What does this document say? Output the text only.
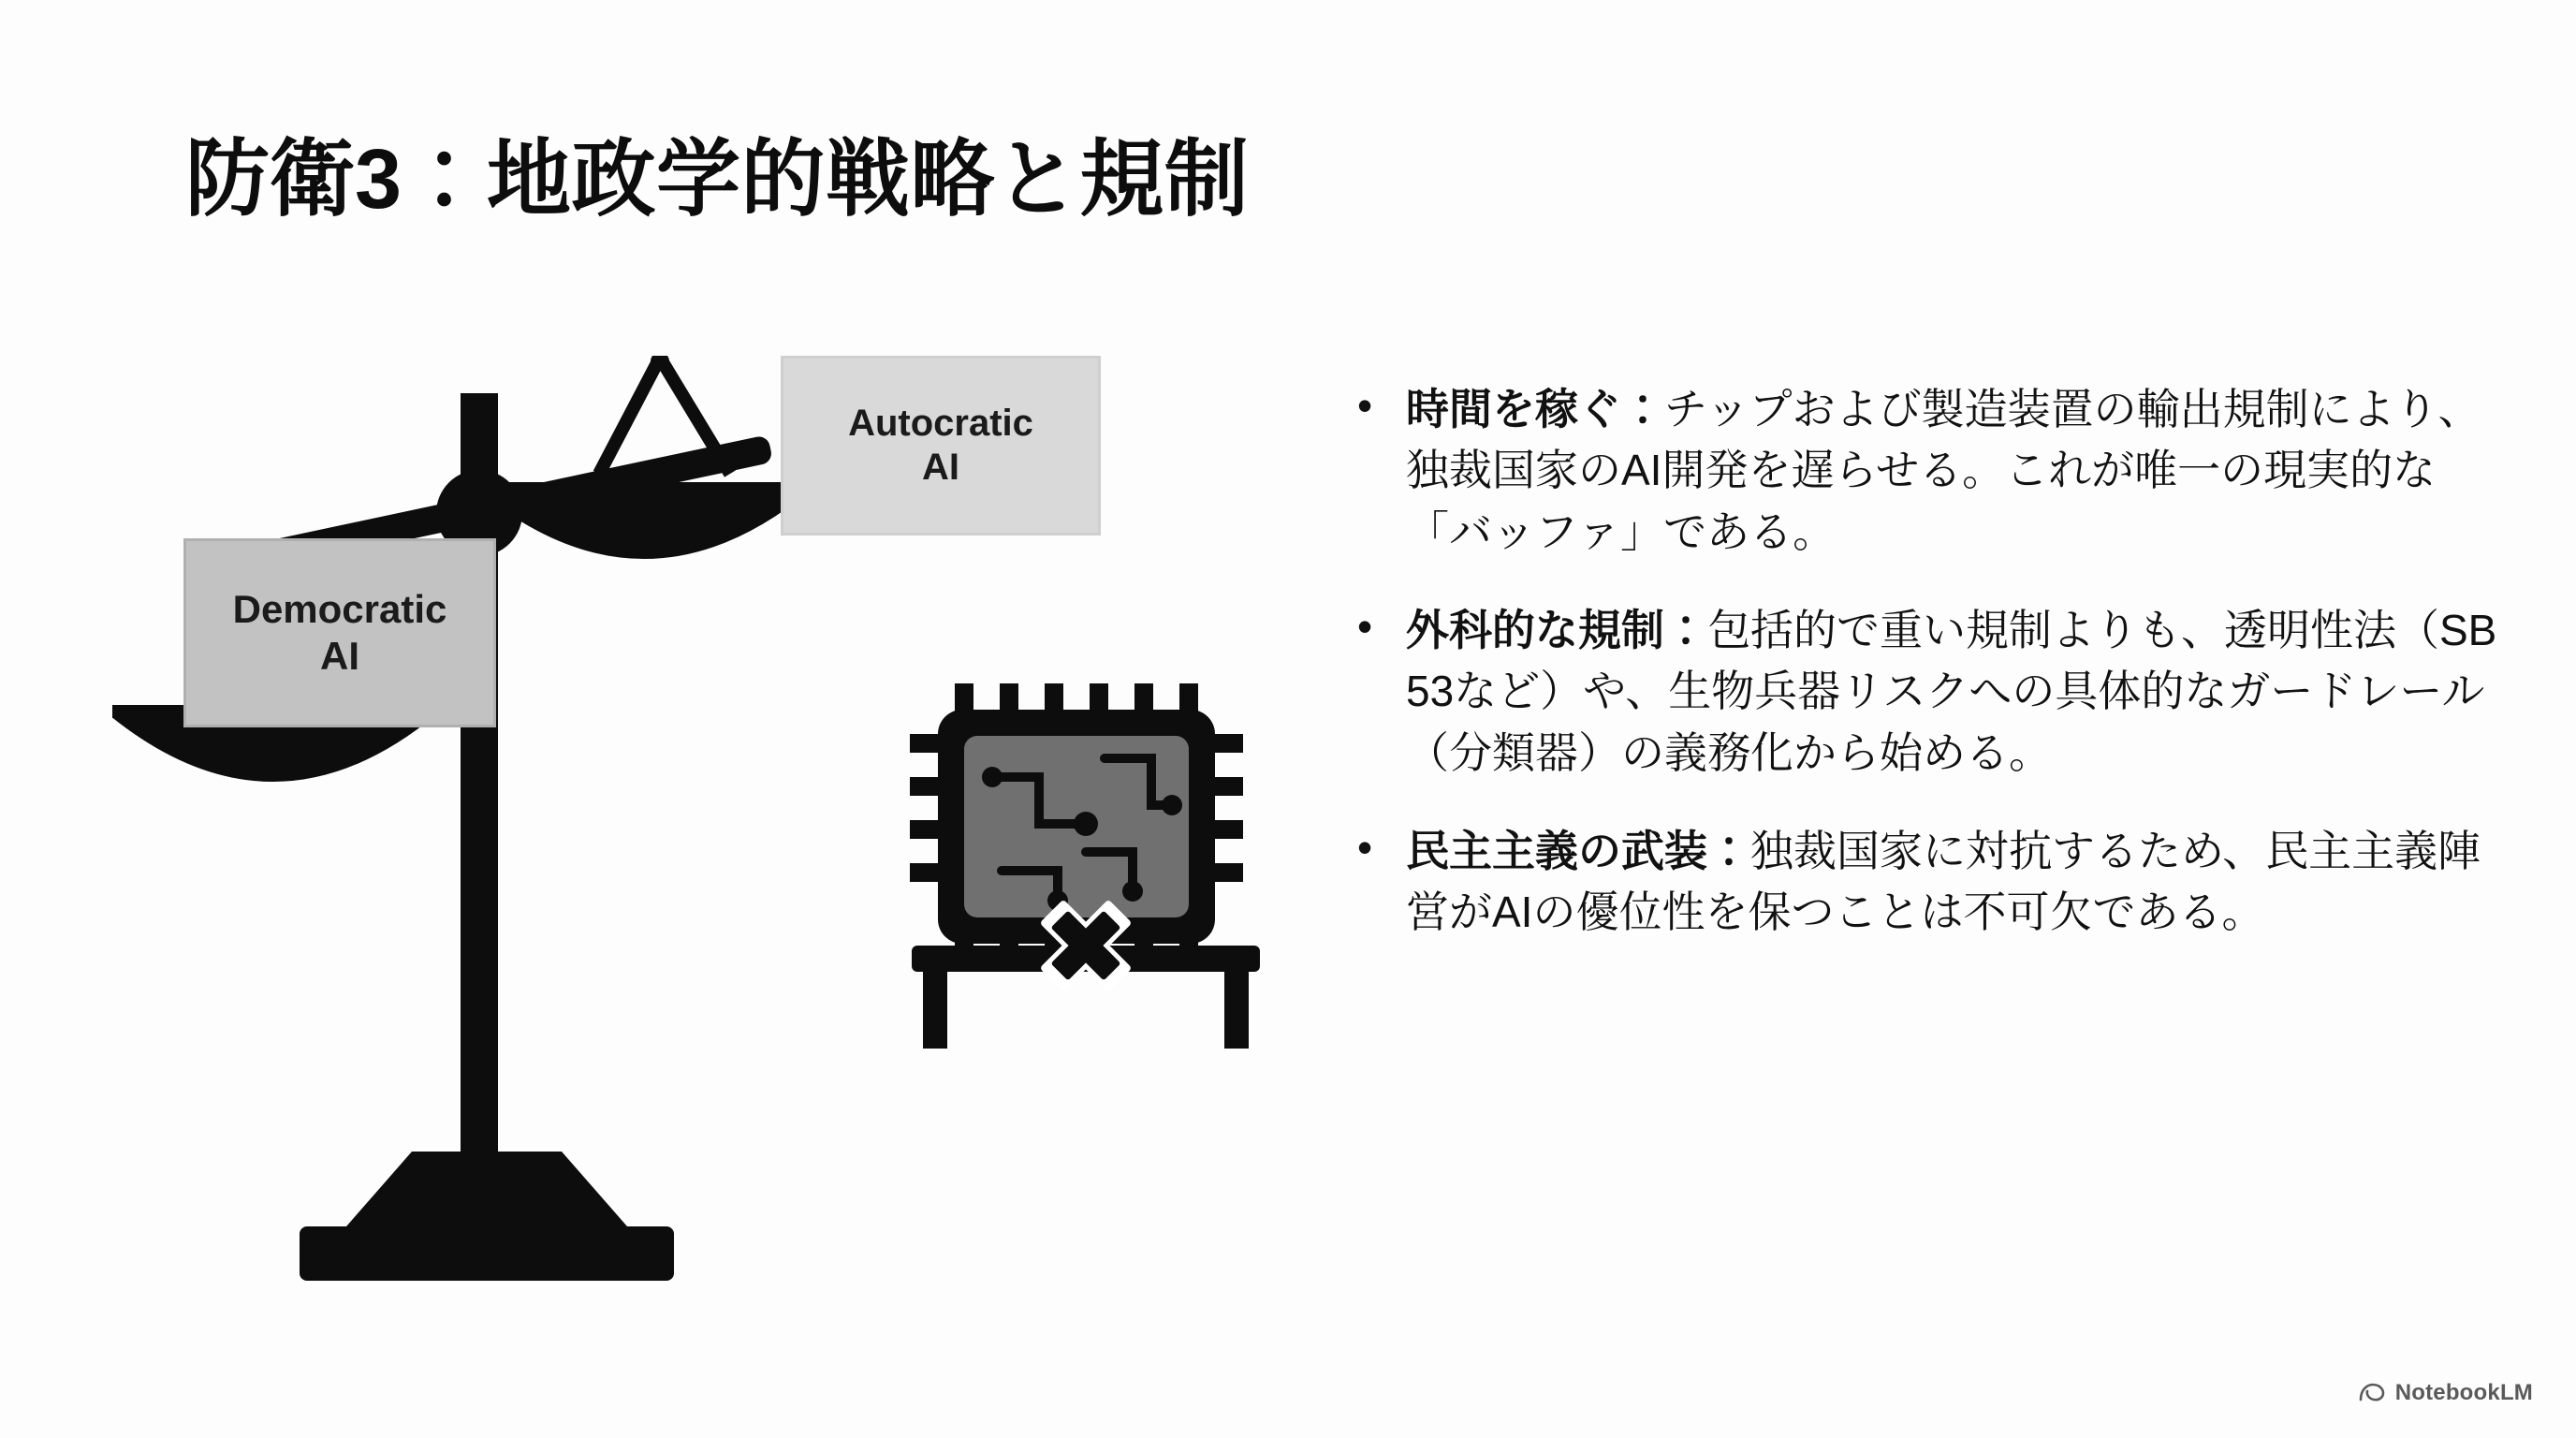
防衛3：地政学的戦略と規制
Democratic
AI
Autocratic
AI
• 時間を稼ぐ：チップおよび製造装置の輸出規制により、独裁国家のAI開発を遅らせる。これが唯一の現実的な「バッファ」である。
• 外科的な規制：包括的で重い規制よりも、透明性法（SB 53など）や、生物兵器リスクへの具体的なガードレール（分類器）の義務化から始める。
• 民主主義の武装：独裁国家に対抗するため、民主主義陣営がAIの優位性を保つことは不可欠である。
NotebookLM
